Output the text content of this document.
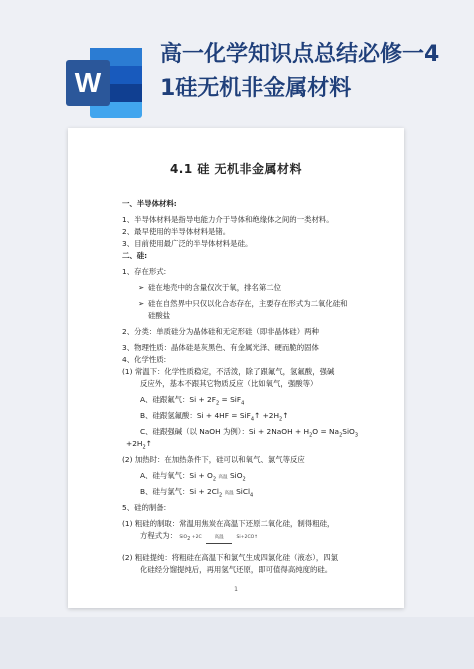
W
高一化学知识点总结必修一4
1硅无机非金属材料
4.1 硅 无机非金属材料
一、半导体材料:
1、半导体材料是指导电能力介于导体和绝缘体之间的一类材料。
2、最早使用的半导体材料是锗。
3、目前使用最广泛的半导体材料是硅。
二、硅:
1、存在形式:
➢ 硅在地壳中的含量仅次于氧，排名第二位
➢ 硅在自然界中只仅以化合态存在，主要存在形式为二氧化硅和
硅酸盐
2、分类：单质硅分为晶体硅和无定形硅（即非晶体硅）两种
3、物理性质：晶体硅是灰黑色、有金属光泽、硬而脆的固体
4、化学性质:
(1) 常温下：化学性质稳定，不活泼，除了跟氟气，氢氟酸，强碱
反应外，基本不跟其它物质反应（比如氧气，强酸等）
A、硅跟氟气：$Si + 2F_2 = SiF_4$
B、硅跟氢氟酸：Si + 4HF = SiF$_4$↑ $+2H_2↑$
C、硅跟强碱（以 NaOH 为例）：Si + 2NaOH + $H_2O = Na_2SiO_3$
$+2H_2↑$
(2) 加热时：在加热条件下，硅可以和氧气、氯气等反应
A、硅与氧气：$Si + O_2$ 高温 SiO$_2$
B、硅与氯气：$Si + 2Cl_2$ 高温 SiCl$_4$
5、硅的制备:
(1) 粗硅的制取：常温用焦炭在高温下还原二氧化硅，制得粗硅，
方程式为： SiO$_2$ +2C	高温	Si+2CO↑
(2) 粗硅提纯：将粗硅在高温下和氯气生成四氯化硅（液态），四氯
化硅经分馏提纯后，再用氢气还原，即可值得高纯度的硅。
1
